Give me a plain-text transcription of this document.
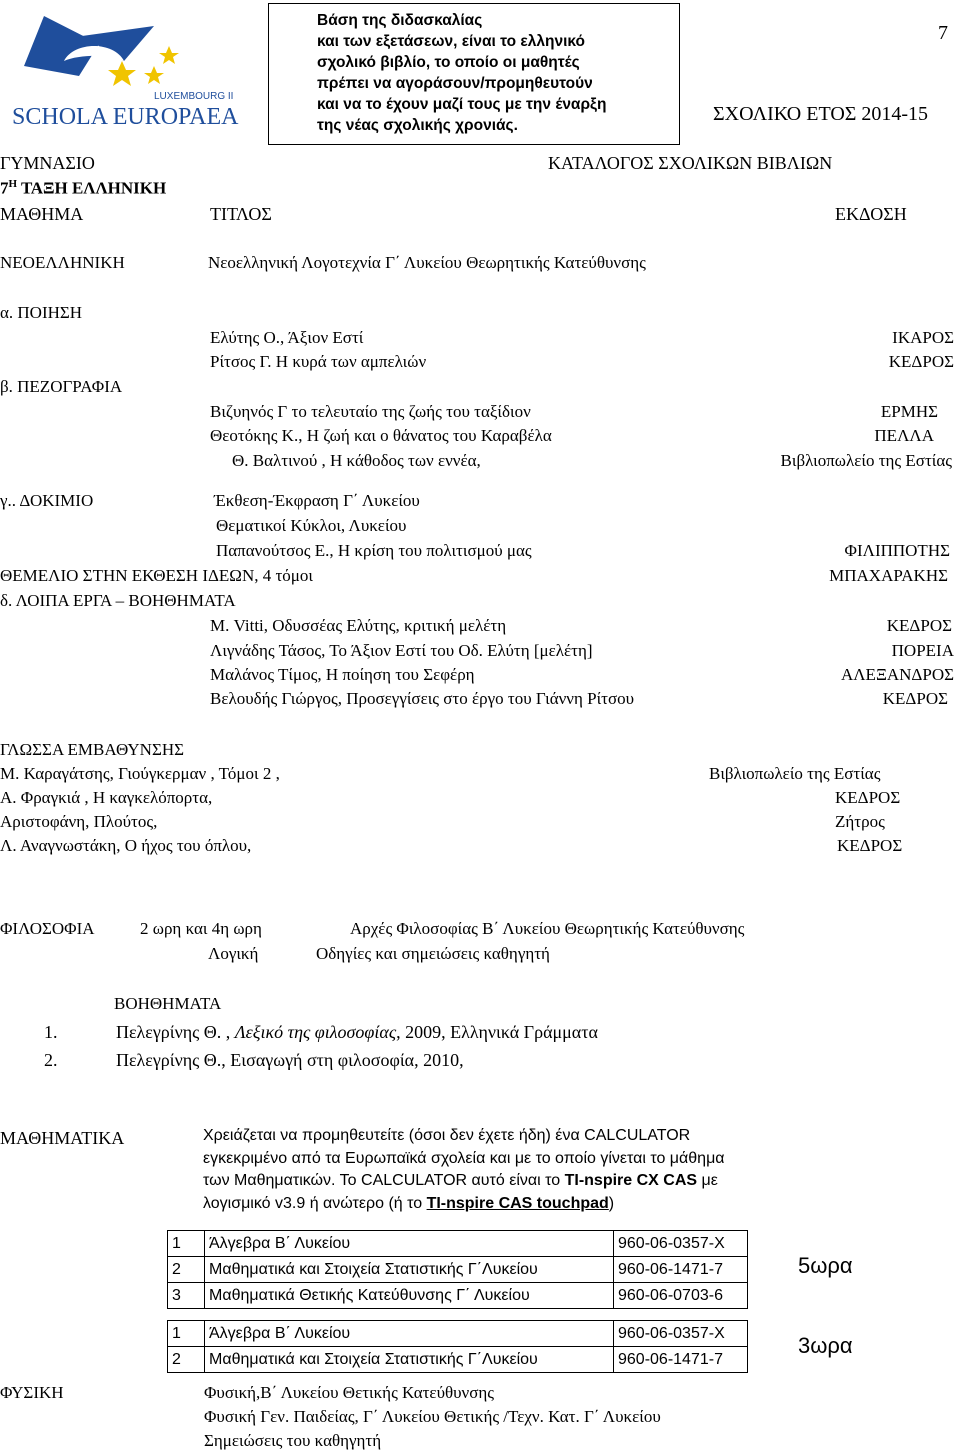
LUXEMBOURG II
SCHOLA EUROPAEA
Βάση της διδασκαλίας
και των εξετάσεων, είναι το ελληνικό
σχολικό βιβλίο, το οποίο οι μαθητές
πρέπει να αγοράσουν/προμηθευτούν
και να το έχουν μαζί τους με την έναρξη
της νέας σχολικής χρονιάς.
7
ΣΧΟΛΙΚΟ ΕΤΟΣ 2014-15
ΓΥΜΝΑΣΙΟ	ΚΑΤΑΛΟΓΟΣ ΣΧΟΛΙΚΩΝ ΒΙΒΛΙΩΝ
$7^H$ ΤΑΞΗ ΕΛΛΗΝΙΚΗ
ΜΑΘΗΜΑ	ΤΙΤΛΟΣ	ΕΚΔΟΣΗ
ΝΕΟΕΛΛΗΝΙΚΗ	Νεοελληνική Λογοτεχνία Γ΄ Λυκείου Θεωρητικής Κατεύθυνσης
α. ΠΟΙΗΣΗ
Ελύτης Ο., Άξιον Εστί	ΙΚΑΡΟΣ
Ρίτσος Γ. Η κυρά των αμπελιών	ΚΕΔΡΟΣ
β. ΠΕΖΟΓΡΑΦΙΑ
Βιζυηνός Γ το τελευταίο της ζωής του ταξίδιον	ΕΡΜΗΣ
Θεοτόκης Κ., Η ζωή και ο θάνατος του Καραβέλα	ΠΕΛΛΑ
Θ. Βαλτινού , Η κάθοδος των εννέα,	Βιβλιοπωλείο της Εστίας
γ.. ΔΟΚΙΜΙΟ	Έκθεση-Έκφραση Γ΄ Λυκείου
Θεματικοί Κύκλοι, Λυκείου
Παπανούτσος Ε., Η κρίση του πολιτισμού μας	ΦΙΛΙΠΠΟΤΗΣ
ΘΕΜΕΛΙΟ ΣΤΗΝ ΕΚΘΕΣΗ ΙΔΕΩΝ, 4 τόμοι	ΜΠΑΧΑΡΑΚΗΣ
δ. ΛΟΙΠΑ ΕΡΓΑ – ΒΟΗΘΗΜΑΤΑ
Μ. Vitti, Οδυσσέας Ελύτης, κριτική μελέτη	ΚΕΔΡΟΣ
Λιγνάδης Τάσος, Το Άξιον Εστί του Οδ. Ελύτη [μελέτη]	ΠΟΡΕΙΑ
Μαλάνος Τίμος, Η ποίηση του Σεφέρη	ΑΛΕΞΑΝΔΡΟΣ
Βελουδής Γιώργος, Προσεγγίσεις στο έργο του Γιάννη Ρίτσου	ΚΕΔΡΟΣ
ΓΛΩΣΣΑ ΕΜΒΑΘΥΝΣΗΣ
Μ. Καραγάτσης, Γιούγκερμαν , Τόμοι 2 ,	Βιβλιοπωλείο της Εστίας
Α. Φραγκιά , Η καγκελόπορτα,	ΚΕΔΡΟΣ
Αριστοφάνη, Πλούτος,	Ζήτρος
Λ. Αναγνωστάκη, Ο ήχος του όπλου,	ΚΕΔΡΟΣ
ΦΙΛΟΣΟΦΙΑ	2 ωρη και 4η ωρη	Αρχές Φιλοσοφίας Β΄ Λυκείου Θεωρητικής Κατεύθυνσης
Λογική	Οδηγίες και σημειώσεις καθηγητή
ΒΟΗΘΗΜΑΤΑ
1.	Πελεγρίνης Θ. , Λεξικό της φιλοσοφίας, 2009, Ελληνικά Γράμματα
2.	Πελεγρίνης Θ., Εισαγωγή στη φιλοσοφία, 2010,
ΜΑΘΗΜΑΤΙΚΑ	Χρειάζεται να προμηθευτείτε (όσοι δεν έχετε ήδη) ένα CALCULATOR
εγκεκριμένο από τα Ευρωπαϊκά σχολεία και με το οποίο γίνεται το μάθημα
των Μαθηματικών. Το CALCULATOR αυτό είναι το TI-nspire CX CAS με
λογισμικό v3.9 ή ανώτερο (ή το TI-nspire CAS touchpad)
1	Άλγεβρα Β΄ Λυκείου	960-06-0357-Χ
2	Μαθηματικά και Στοιχεία Στατιστικής Γ΄Λυκείου	960-06-1471-7
3	Μαθηματικά Θετικής Κατεύθυνσης Γ΄ Λυκείου	960-06-0703-6
5ωρα
1	Άλγεβρα Β΄ Λυκείου	960-06-0357-Χ
2	Μαθηματικά και Στοιχεία Στατιστικής Γ΄Λυκείου	960-06-1471-7
3ωρα
ΦΥΣΙΚΗ	Φυσική,Β΄ Λυκείου Θετικής Κατεύθυνσης
Φυσική Γεν. Παιδείας, Γ΄ Λυκείου Θετικής /Τεχν. Κατ. Γ΄ Λυκείου
Σημειώσεις του καθηγητή
